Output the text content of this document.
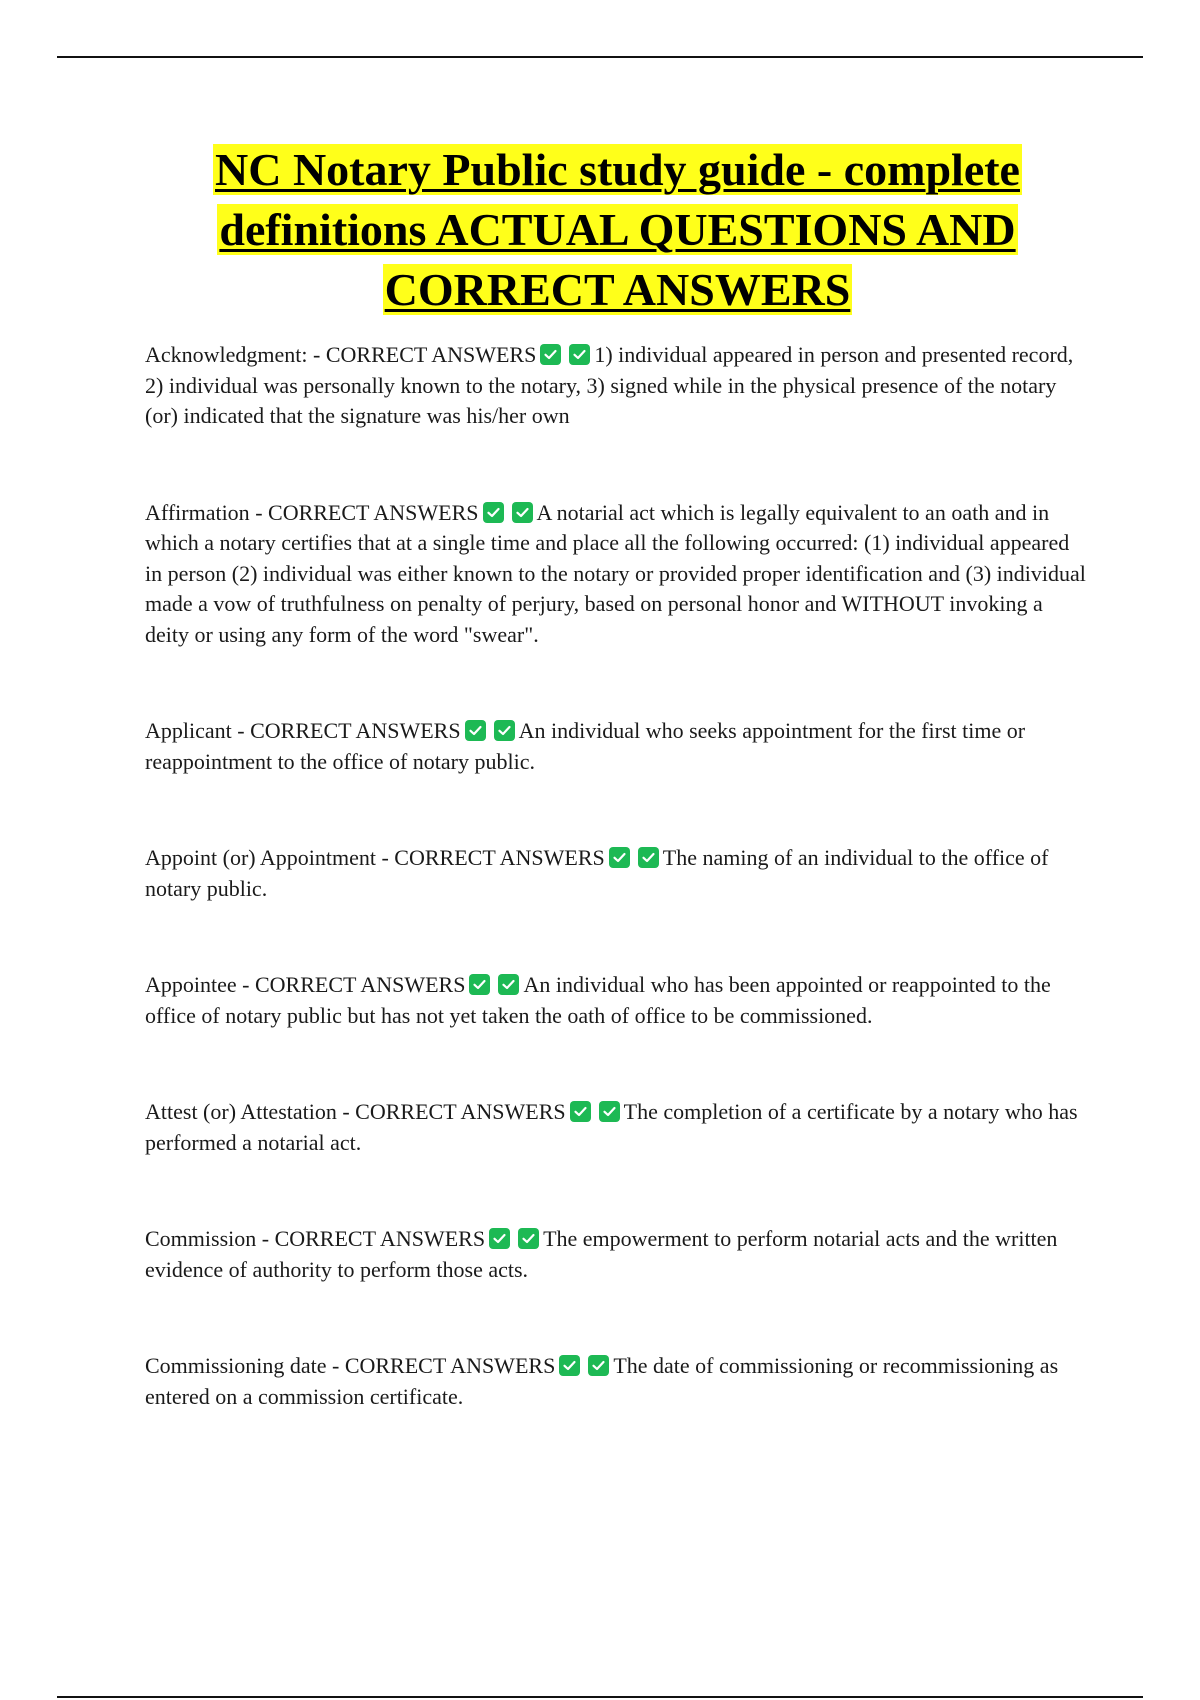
NC Notary Public study guide - complete definitions ACTUAL QUESTIONS AND CORRECT ANSWERS

Acknowledgment: - CORRECT ANSWERS	1) individual appeared in person and presented record, 2) individual was personally known to the notary, 3) signed while in the physical presence of the notary (or) indicated that the signature was his/her own

Affirmation - CORRECT ANSWERS	A notarial act which is legally equivalent to an oath and in which a notary certifies that at a single time and place all the following occurred: (1) individual appeared in person (2) individual was either known to the notary or provided proper identification and (3) individual made a vow of truthfulness on penalty of perjury, based on personal honor and WITHOUT invoking a deity or using any form of the word "swear".

Applicant - CORRECT ANSWERS	An individual who seeks appointment for the first time or reappointment to the office of notary public.

Appoint (or) Appointment - CORRECT ANSWERS	The naming of an individual to the office of notary public.

Appointee - CORRECT ANSWERS	An individual who has been appointed or reappointed to the office of notary public but has not yet taken the oath of office to be commissioned.

Attest (or) Attestation - CORRECT ANSWERS	The completion of a certificate by a notary who has performed a notarial act.

Commission - CORRECT ANSWERS	The empowerment to perform notarial acts and the written evidence of authority to perform those acts.

Commissioning date - CORRECT ANSWERS	The date of commissioning or recommissioning as entered on a commission certificate.
